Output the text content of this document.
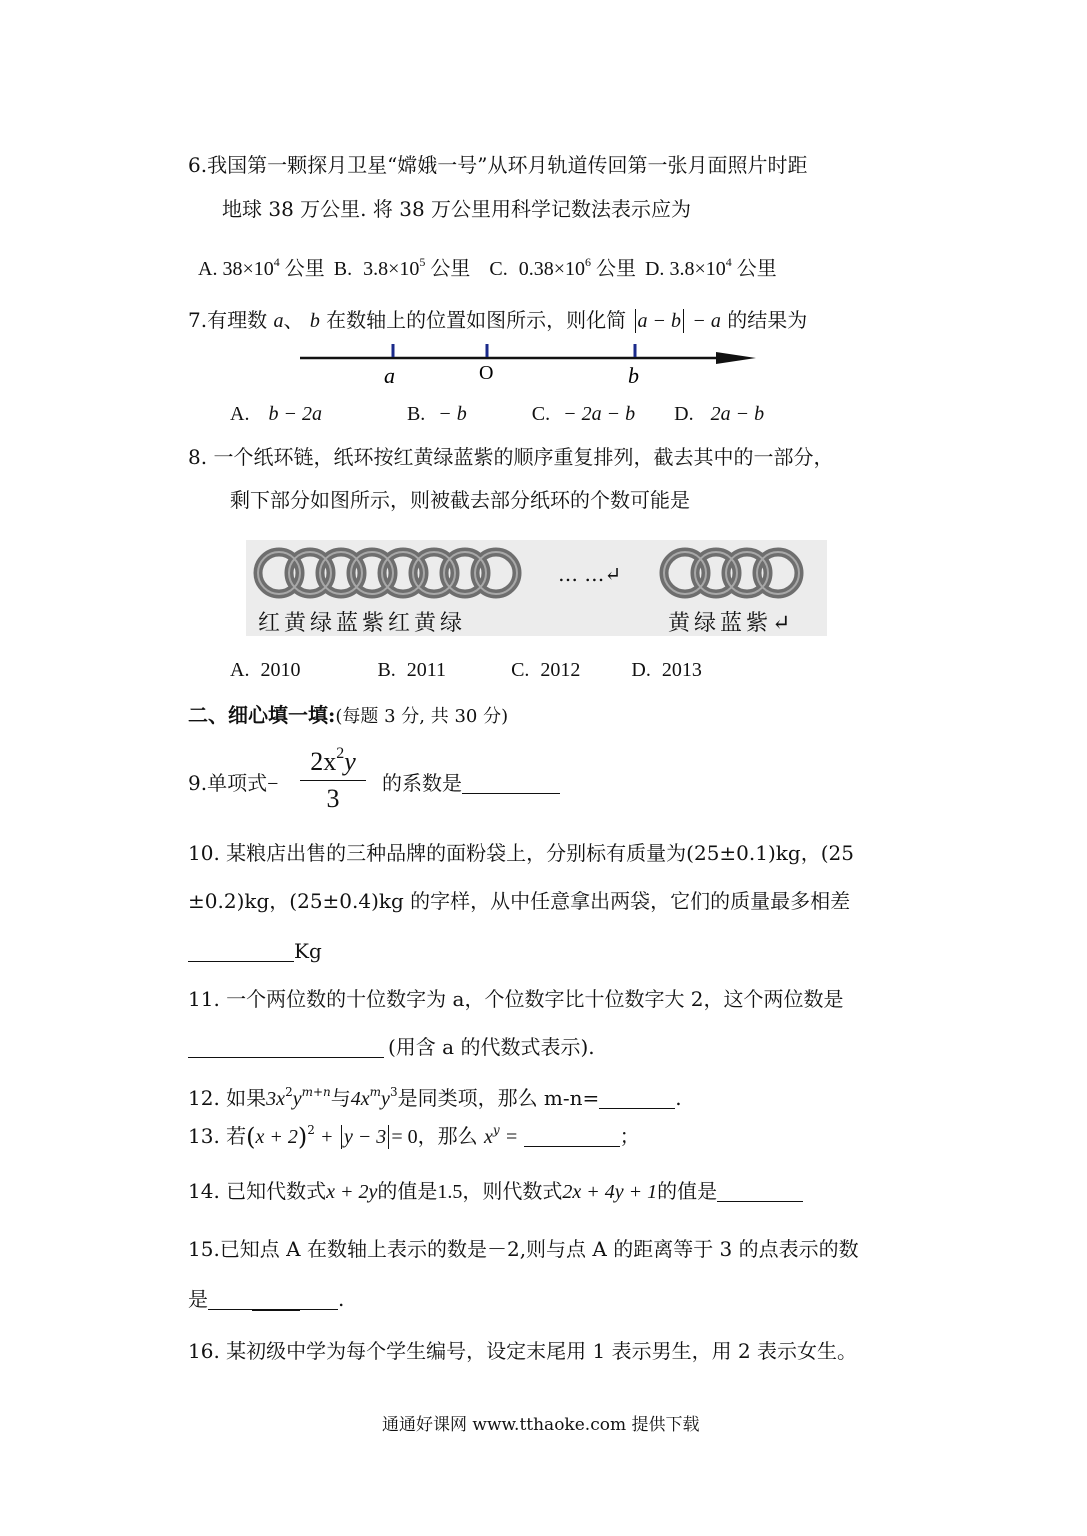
6.我国第一颗探月卫星“嫦娥一号”从环月轨道传回第一张月面照片时距
地球 38 万公里. 将 38 万公里用科学记数法表示应为
A. $38\times 10^4$ 公里 B. $3.8\times 10^5$ 公里 C. $0.38\times 10^6$ 公里 D. $3.8\times 10^4$ 公里
7.有理数 a、 b 在数轴上的位置如图所示，则化简 a − b − a 的结果为
a	O	b
A. b − 2a	B. − b	C. − 2a − b D. 2a − b
8. 一个纸环链，纸环按红黄绿蓝紫的顺序重复排列，截去其中的一部分，
剩下部分如图所示，则被截去部分纸环的个数可能是
… …↵
红黄绿蓝紫红黄绿	黄绿蓝紫↵
A. 2010	B. 2011	C. 2012	D. 2013
二、细心填一填:(每题 3 分, 共 30 分)
9.单项式−
$2x^2y$
3
的系数是
10. 某粮店出售的三种品牌的面粉袋上，分别标有质量为(25±0.1)kg，(25
±0.2)kg，(25±0.4)kg 的字样，从中任意拿出两袋，它们的质量最多相差
Kg
11. 一个两位数的十位数字为 a，个位数字比十位数字大 2，这个两位数是
(用含 a 的代数式表示).
12. 如果$3x^2y^{m+n}$与$4x^my^3$是同类项，那么 m-n=	.
13. 若$(x + 2)^2 + y - 3 = 0$，那么 $x^y$ =	；
14. 已知代数式x + 2y的值是1.5，则代数式2x + 4y + 1的值是
15.已知点 A 在数轴上表示的数是－2,则与点 A 的距离等于 3 的点表示的数
是	.
16. 某初级中学为每个学生编号，设定末尾用 1 表示男生，用 2 表示女生。
通通好课网 www.tthaoke.com 提供下载
